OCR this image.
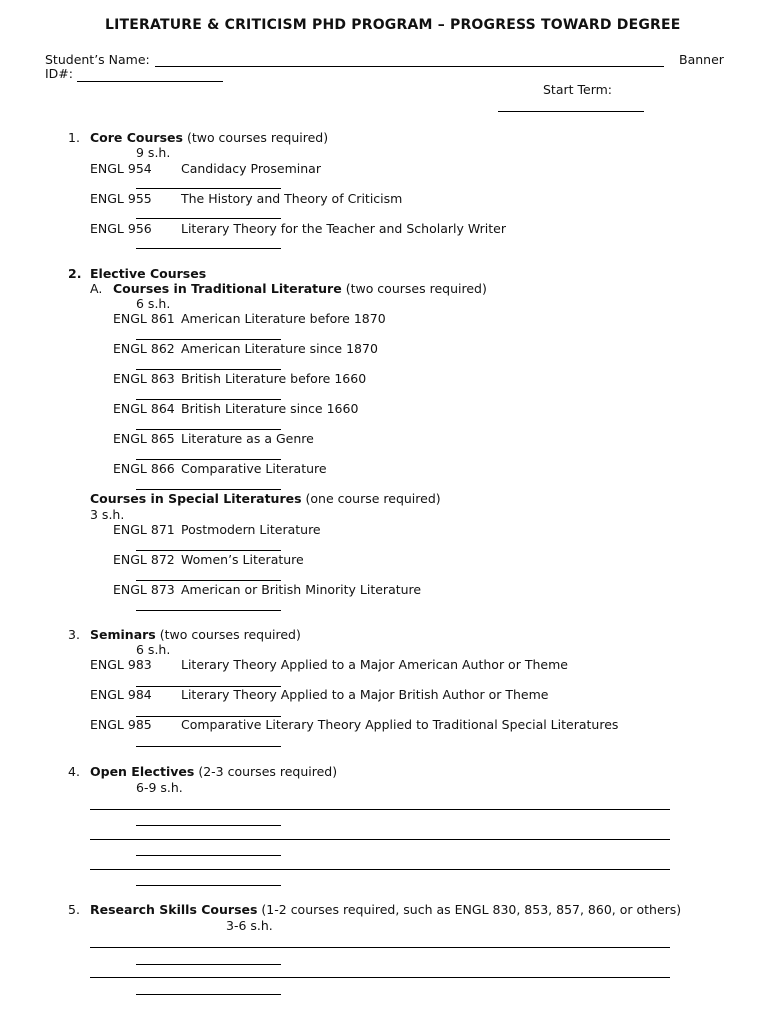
LITERATURE & CRITICISM PHD PROGRAM – PROGRESS TOWARD DEGREE
Student’s Name:	Banner
ID#:
Start Term:
1. Core Courses (two courses required)
9 s.h.
ENGL 954 Candidacy Proseminar
ENGL 955 The History and Theory of Criticism
ENGL 956 Literary Theory for the Teacher and Scholarly Writer
2. Elective Courses
A. Courses in Traditional Literature (two courses required)
6 s.h.
ENGL 861 American Literature before 1870
ENGL 862 American Literature since 1870
ENGL 863 British Literature before 1660
ENGL 864 British Literature since 1660
ENGL 865 Literature as a Genre
ENGL 866 Comparative Literature
Courses in Special Literatures (one course required)
3 s.h.
ENGL 871 Postmodern Literature
ENGL 872 Women’s Literature
ENGL 873 American or British Minority Literature
3. Seminars (two courses required)
6 s.h.
ENGL 983 Literary Theory Applied to a Major American Author or Theme
ENGL 984 Literary Theory Applied to a Major British Author or Theme
ENGL 985 Comparative Literary Theory Applied to Traditional Special Literatures
4. Open Electives (2-3 courses required)
6-9 s.h.
5. Research Skills Courses (1-2 courses required, such as ENGL 830, 853, 857, 860, or others)
3-6 s.h.
